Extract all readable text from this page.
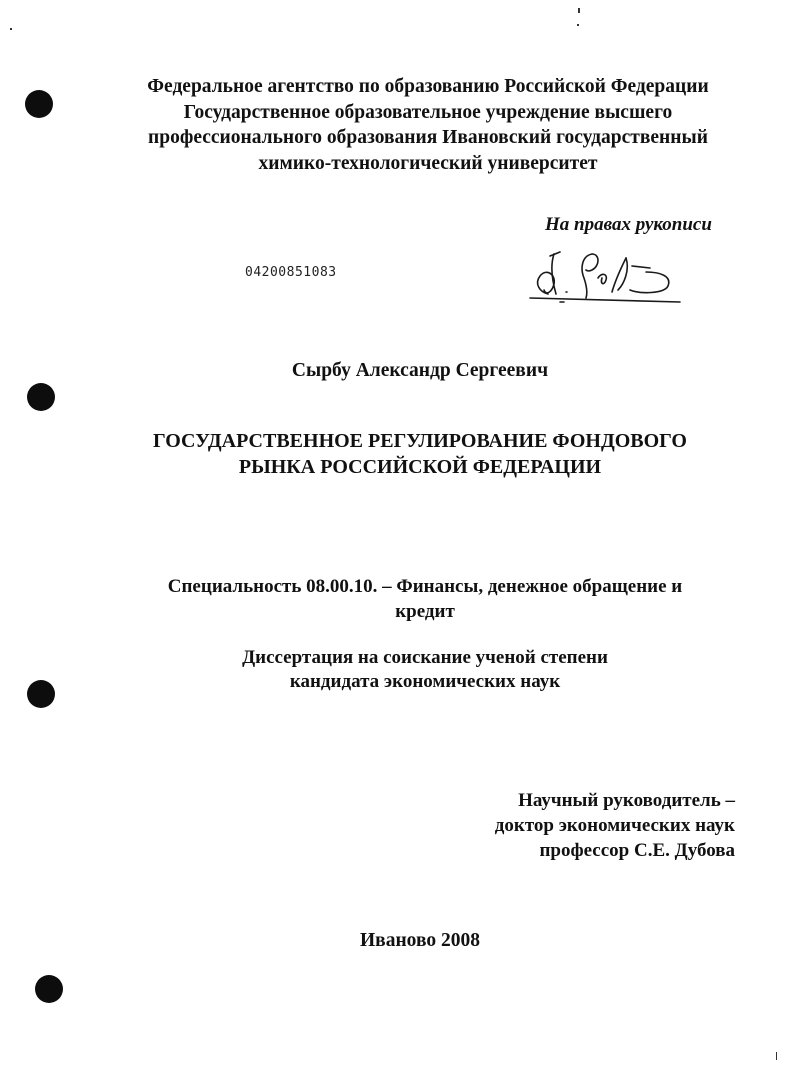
Федеральное агентство по образованию Российской Федерации
Государственное образовательное учреждение высшего
профессионального образования Ивановский государственный
химико-технологический университет
На правах рукописи
04200851083
Сырбу Александр Сергеевич
ГОСУДАРСТВЕННОЕ РЕГУЛИРОВАНИЕ ФОНДОВОГО
РЫНКА РОССИЙСКОЙ ФЕДЕРАЦИИ
Специальность 08.00.10. – Финансы, денежное обращение и
кредит
Диссертация на соискание ученой степени
кандидата экономических наук
Научный руководитель –
доктор экономических наук
профессор С.Е. Дубова
Иваново 2008
